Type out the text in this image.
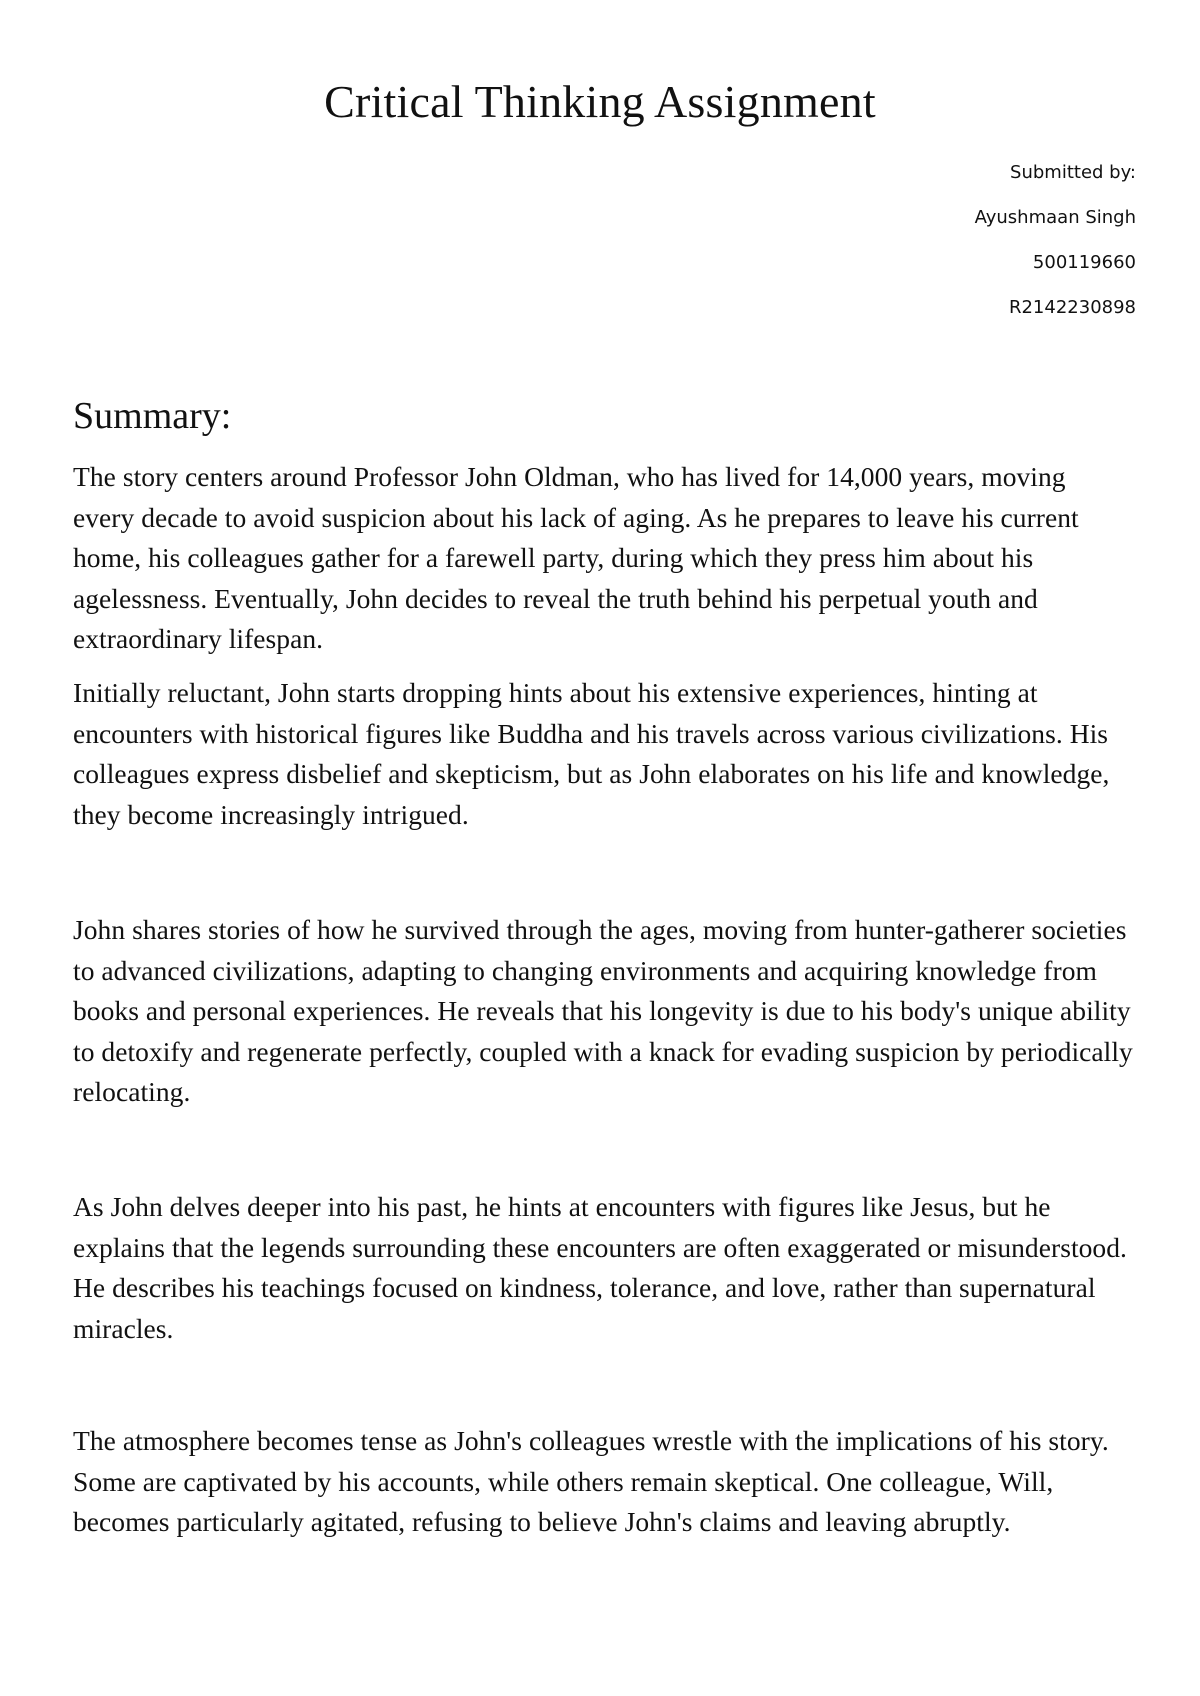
Critical Thinking Assignment
Submitted by:
Ayushmaan Singh
500119660
R2142230898
Summary:

The story centers around Professor John Oldman, who has lived for 14,000 years, moving every decade to avoid suspicion about his lack of aging. As he prepares to leave his current home, his colleagues gather for a farewell party, during which they press him about his agelessness. Eventually, John decides to reveal the truth behind his perpetual youth and extraordinary lifespan.

Initially reluctant, John starts dropping hints about his extensive experiences, hinting at encounters with historical figures like Buddha and his travels across various civilizations. His colleagues express disbelief and skepticism, but as John elaborates on his life and knowledge, they become increasingly intrigued.

John shares stories of how he survived through the ages, moving from hunter-gatherer societies to advanced civilizations, adapting to changing environments and acquiring knowledge from books and personal experiences. He reveals that his longevity is due to his body's unique ability to detoxify and regenerate perfectly, coupled with a knack for evading suspicion by periodically relocating.

As John delves deeper into his past, he hints at encounters with figures like Jesus, but he explains that the legends surrounding these encounters are often exaggerated or misunderstood. He describes his teachings focused on kindness, tolerance, and love, rather than supernatural miracles.

The atmosphere becomes tense as John's colleagues wrestle with the implications of his story. Some are captivated by his accounts, while others remain skeptical. One colleague, Will, becomes particularly agitated, refusing to believe John's claims and leaving abruptly.
